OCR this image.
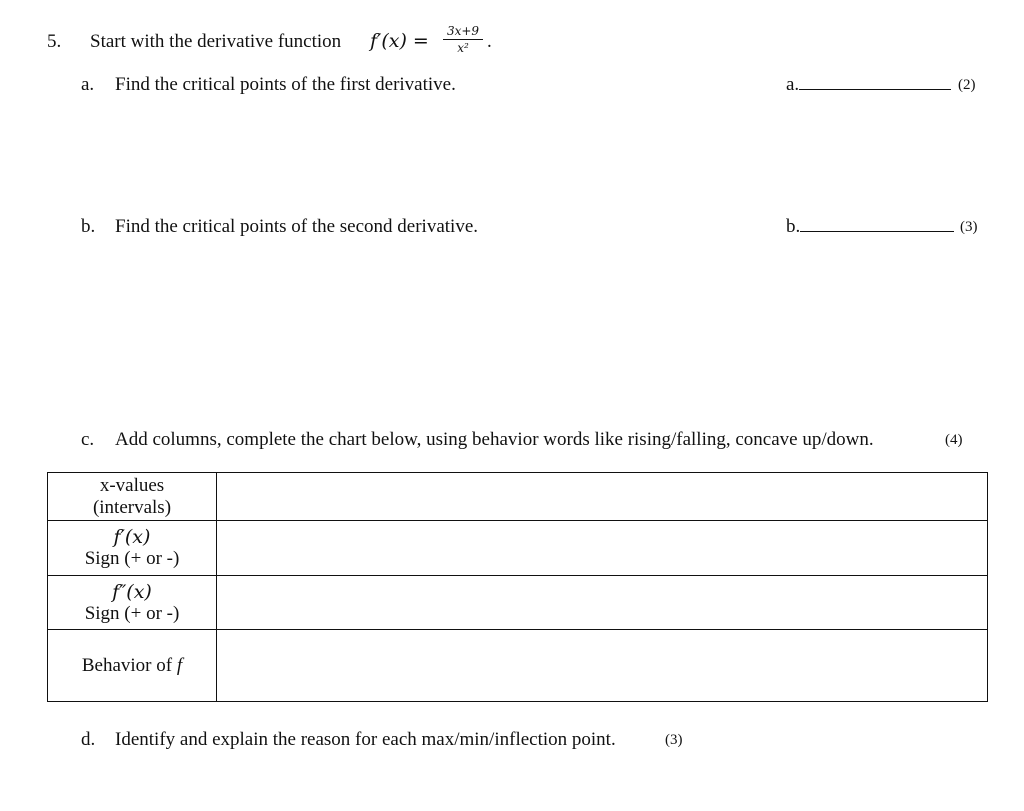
5. Start with the derivative function f′(x) =	3x+9
x² .
a. Find the critical points of the first derivative.	a.	(2)
b. Find the critical points of the second derivative.	b.	(3)
c. Add columns, complete the chart below, using behavior words like rising/falling, concave up/down.	(4)
x-values
(intervals)	

f′(x)
Sign (+ or -)	

f″(x)
Sign (+ or -)	

Behavior of f	
d. Identify and explain the reason for each max/min/inflection point.	(3)
